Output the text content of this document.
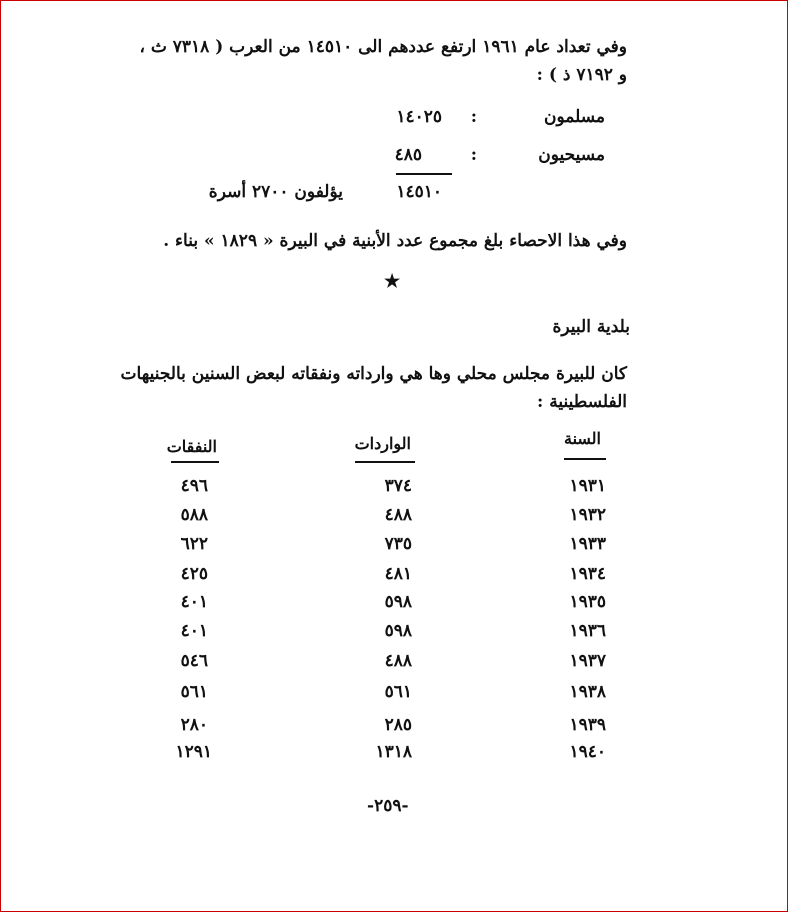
وفي تعداد عام ١٩٦١ ارتفع عددهم الى ١٤٥١٠ من العرب ( ٧٣١٨ ث ،
و ٧١٩٢ ذ ) :
مسلمون
:
١٤٠٢٥
مسيحيون
:
٤٨٥
١٤٥١٠
يؤلفون ٢٧٠٠ أسرة
وفي هذا الاحصاء بلغ مجموع عدد الأبنية في البيرة « ١٨٢٩ » بناء .
★
بلدية البيرة
كان للبيرة مجلس محلي وها هي وارداته ونفقاته لبعض السنين بالجنيهات
الفلسطينية :
السنة
الواردات
النفقات
١٩٣١
٣٧٤
٤٩٦
١٩٣٢
٤٨٨
٥٨٨
١٩٣٣
٧٣٥
٦٢٢
١٩٣٤
٤٨١
٤٢٥
١٩٣٥
٥٩٨
٤٠١
١٩٣٦
٥٩٨
٤٠١
١٩٣٧
٤٨٨
٥٤٦
١٩٣٨
٥٦١
٥٦١
١٩٣٩
٢٨٥
٢٨٠
١٩٤٠
١٣١٨
١٢٩١
-٢٥٩-
